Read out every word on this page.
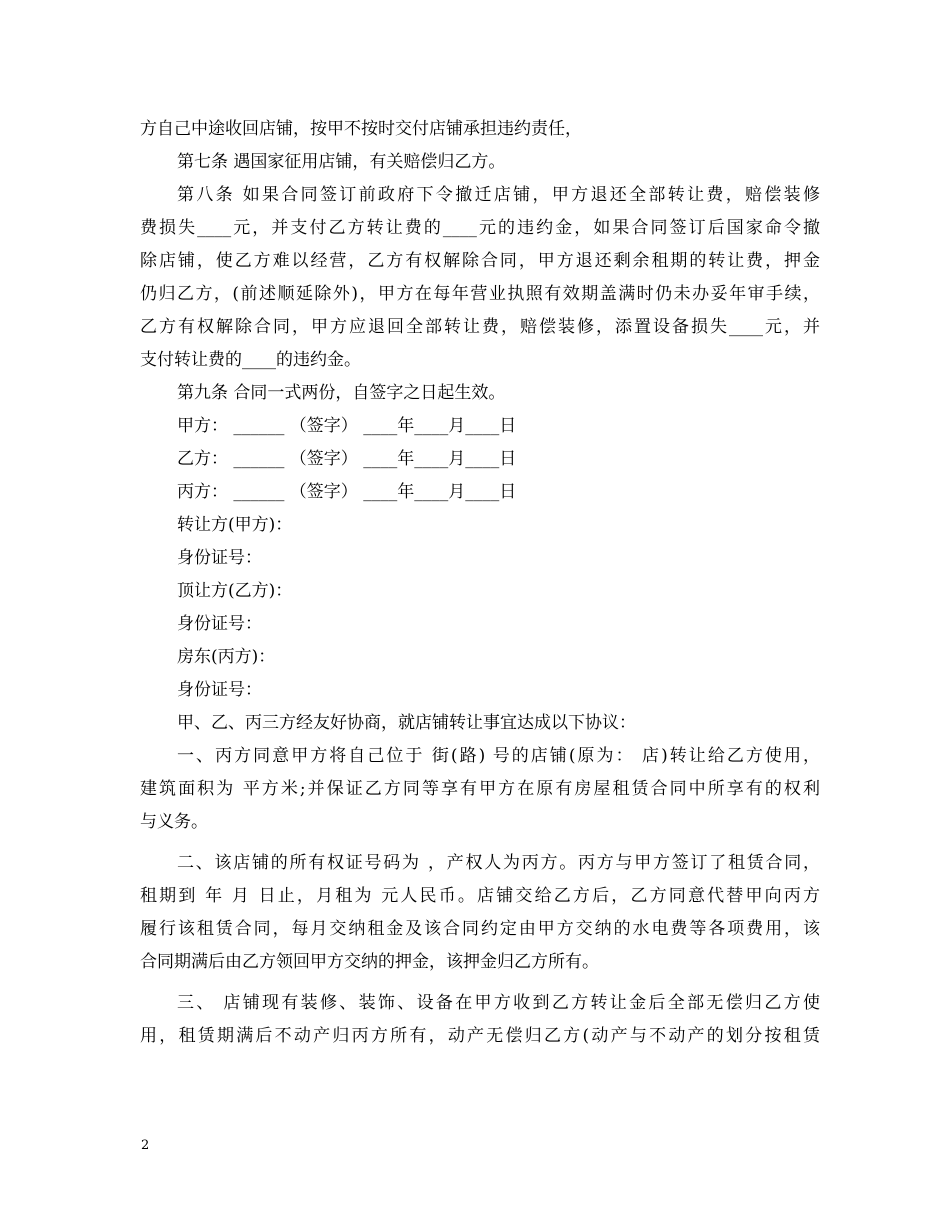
方自己中途收回店铺，按甲不按时交付店铺承担违约责任，
第七条 遇国家征用店铺，有关赔偿归乙方。
第八条 如果合同签订前政府下令撤迁店铺，甲方退还全部转让费，赔偿装修
费损失____元，并支付乙方转让费的____元的违约金，如果合同签订后国家命令撤
除店铺，使乙方难以经营，乙方有权解除合同，甲方退还剩余租期的转让费，押金
仍归乙方，(前述顺延除外)，甲方在每年营业执照有效期盖满时仍未办妥年审手续，
乙方有权解除合同，甲方应退回全部转让费，赔偿装修，添置设备损失____元，并
支付转让费的____的违约金。
第九条 合同一式两份，自签字之日起生效。
甲方： ______ （签字） ____年____月____日
乙方： ______ （签字） ____年____月____日
丙方： ______ （签字） ____年____月____日
转让方(甲方)：
身份证号：
顶让方(乙方)：
身份证号：
房东(丙方)：
身份证号：
甲、乙、丙三方经友好协商，就店铺转让事宜达成以下协议：
一、丙方同意甲方将自己位于 街(路) 号的店铺(原为： 店)转让给乙方使用，
建筑面积为 平方米;并保证乙方同等享有甲方在原有房屋租赁合同中所享有的权利
与义务。
二、该店铺的所有权证号码为 ，产权人为丙方。丙方与甲方签订了租赁合同，
租期到 年 月 日止，月租为 元人民币。店铺交给乙方后，乙方同意代替甲向丙方
履行该租赁合同，每月交纳租金及该合同约定由甲方交纳的水电费等各项费用，该
合同期满后由乙方领回甲方交纳的押金，该押金归乙方所有。
三、 店铺现有装修、装饰、设备在甲方收到乙方转让金后全部无偿归乙方使
用，租赁期满后不动产归丙方所有，动产无偿归乙方(动产与不动产的划分按租赁
2
